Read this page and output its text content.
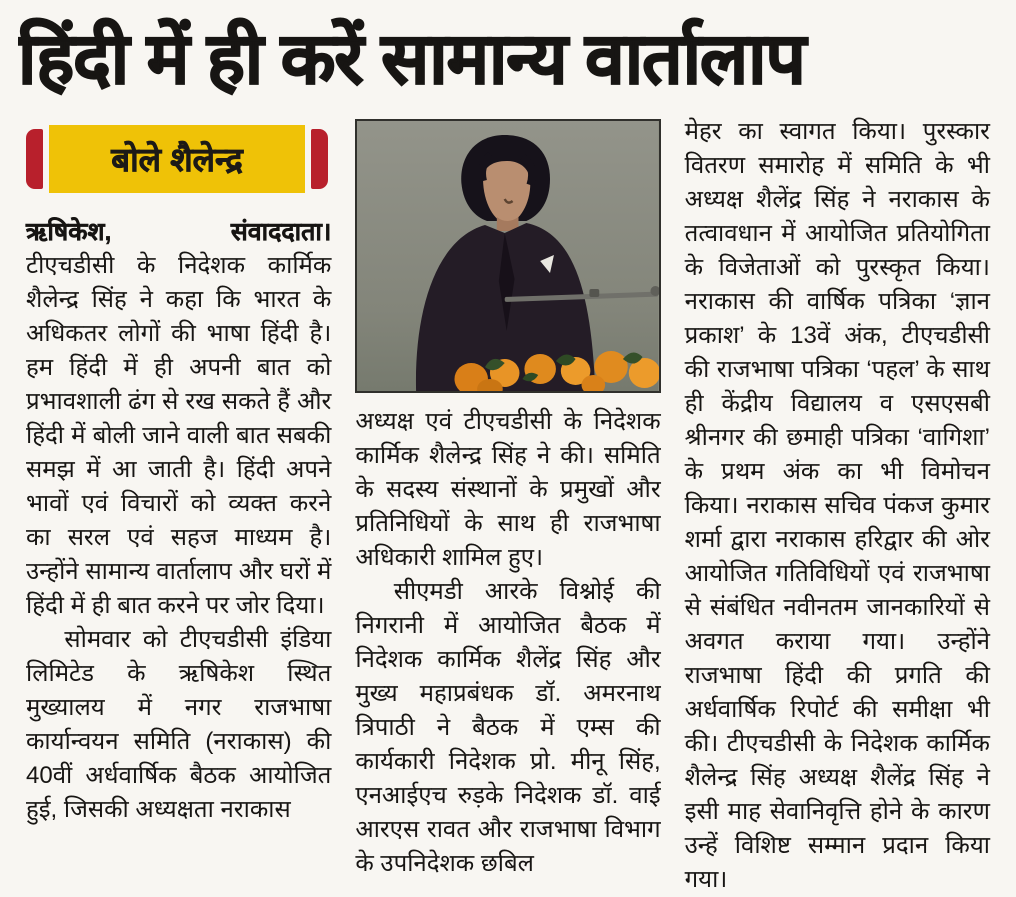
हिंदी में ही करें सामान्य वार्तालाप
बोले शैलेन्द्र

ऋषिकेश,	संवाददाता।

टीएचडीसी के निदेशक कार्मिक शैलेन्द्र सिंह ने कहा कि भारत के अधिकतर लोगों की भाषा हिंदी है। हम हिंदी में ही अपनी बात को प्रभावशाली ढंग से रख सकते हैं और हिंदी में बोली जाने वाली बात सबकी समझ में आ जाती है। हिंदी अपने भावों एवं विचारों को व्यक्त करने का सरल एवं सहज माध्यम है। उन्होंने सामान्य वार्तालाप और घरों में हिंदी में ही बात करने पर जोर दिया।

सोमवार को टीएचडीसी इंडिया लिमिटेड के ऋषिकेश स्थित मुख्यालय में नगर राजभाषा कार्यान्वयन समिति (नराकास) की 40वीं अर्धवार्षिक बैठक आयोजित हुई, जिसकी अध्यक्षता नराकास

अध्यक्ष एवं टीएचडीसी के निदेशक कार्मिक शैलेन्द्र सिंह ने की। समिति के सदस्य संस्थानों के प्रमुखों और प्रतिनिधियों के साथ ही राजभाषा अधिकारी शामिल हुए।

सीएमडी आरके विश्नोई की निगरानी में आयोजित बैठक में निदेशक कार्मिक शैलेंद्र सिंह और मुख्य महाप्रबंधक डॉ. अमरनाथ त्रिपाठी ने बैठक में एम्स की कार्यकारी निदेशक प्रो. मीनू सिंह, एनआईएच रुड़के निदेशक डॉ. वाई आरएस रावत और राजभाषा विभाग के उपनिदेशक छबिल

मेहर का स्वागत किया। पुरस्कार वितरण समारोह में समिति के भी अध्यक्ष शैलेंद्र सिंह ने नराकास के तत्वावधान में आयोजित प्रतियोगिता के विजेताओं को पुरस्कृत किया। नराकास की वार्षिक पत्रिका ‘ज्ञान प्रकाश’ के 13वें अंक, टीएचडीसी की राजभाषा पत्रिका ‘पहल’ के साथ ही केंद्रीय विद्यालय व एसएसबी श्रीनगर की छमाही पत्रिका ‘वागिशा’ के प्रथम अंक का भी विमोचन किया। नराकास सचिव पंकज कुमार शर्मा द्वारा नराकास हरिद्वार की ओर आयोजित गतिविधियों एवं राजभाषा से संबंधित नवीनतम जानकारियों से अवगत कराया गया। उन्होंने राजभाषा हिंदी की प्रगति की अर्धवार्षिक रिपोर्ट की समीक्षा भी की। टीएचडीसी के निदेशक कार्मिक शैलेन्द्र सिंह अध्यक्ष शैलेंद्र सिंह ने इसी माह सेवानिवृत्ति होने के कारण उन्हें विशिष्ट सम्मान प्रदान किया गया।
